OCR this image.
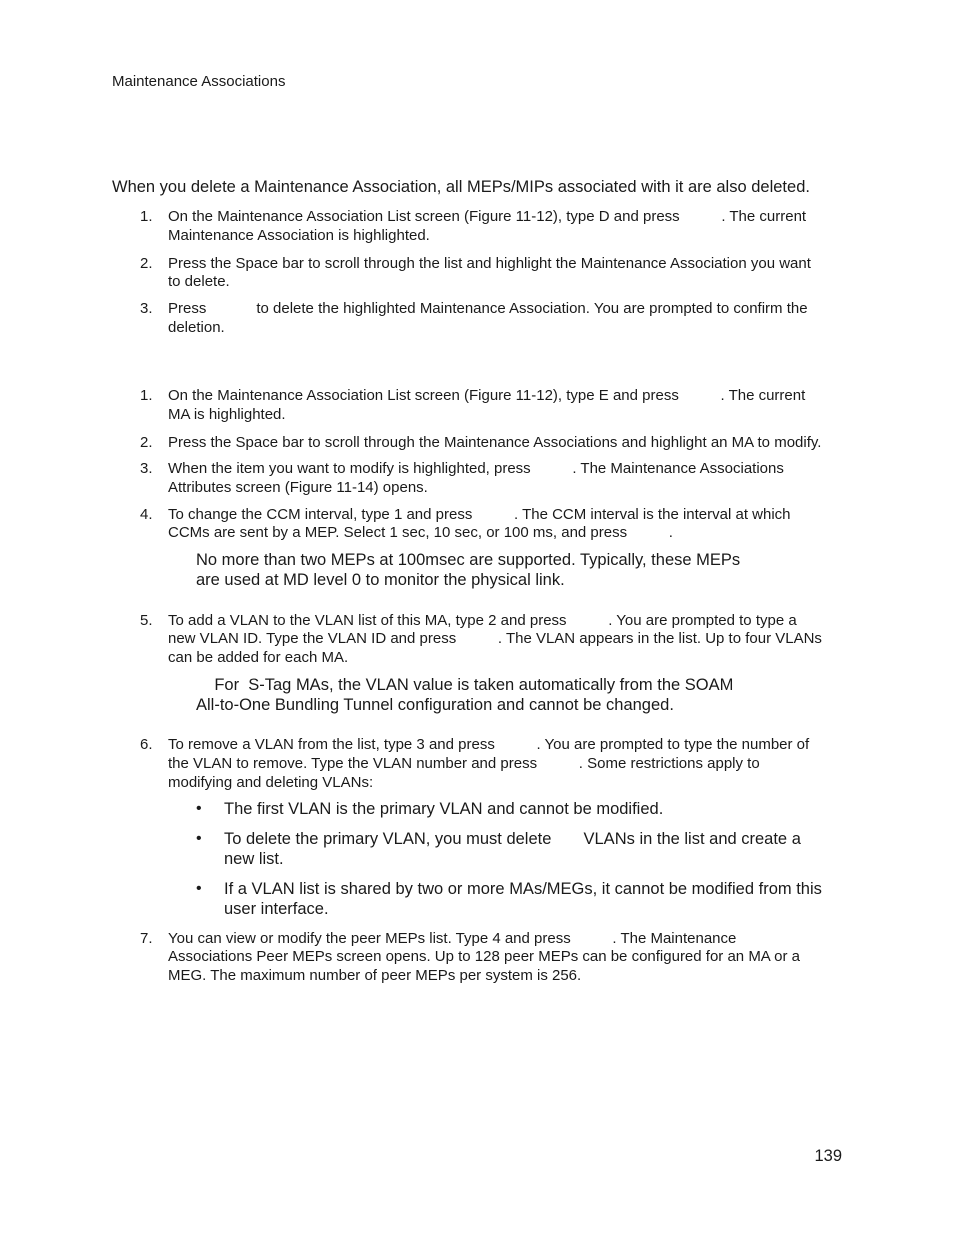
Maintenance Associations
When you delete a Maintenance Association, all MEPs/MIPs associated with it are also deleted.
1. On the Maintenance Association List screen (Figure 11-12), type D and press          . The current
Maintenance Association is highlighted.
2. Press the Space bar to scroll through the list and highlight the Maintenance Association you want
to delete.
3. Press            to delete the highlighted Maintenance Association. You are prompted to confirm the
deletion.
1. On the Maintenance Association List screen (Figure 11-12), type E and press          . The current
MA is highlighted.
2. Press the Space bar to scroll through the Maintenance Associations and highlight an MA to modify.
3. When the item you want to modify is highlighted, press          . The Maintenance Associations
Attributes screen (Figure 11-14) opens.
4. To change the CCM interval, type 1 and press          . The CCM interval is the interval at which
CCMs are sent by a MEP. Select 1 sec, 10 sec, or 100 ms, and press          .
No more than two MEPs at 100msec are supported. Typically, these MEPs
are used at MD level 0 to monitor the physical link.
5. To add a VLAN to the VLAN list of this MA, type 2 and press          . You are prompted to type a
new VLAN ID. Type the VLAN ID and press          . The VLAN appears in the list. Up to four VLANs
can be added for each MA.
For  S-Tag MAs, the VLAN value is taken automatically from the SOAM
All-to-One Bundling Tunnel configuration and cannot be changed.
6. To remove a VLAN from the list, type 3 and press          . You are prompted to type the number of
the VLAN to remove. Type the VLAN number and press          . Some restrictions apply to
modifying and deleting VLANs:
• The first VLAN is the primary VLAN and cannot be modified.
• To delete the primary VLAN, you must delete       VLANs in the list and create a
new list.
• If a VLAN list is shared by two or more MAs/MEGs, it cannot be modified from this
user interface.
7. You can view or modify the peer MEPs list. Type 4 and press          . The Maintenance
Associations Peer MEPs screen opens. Up to 128 peer MEPs can be configured for an MA or a
MEG. The maximum number of peer MEPs per system is 256.
139
